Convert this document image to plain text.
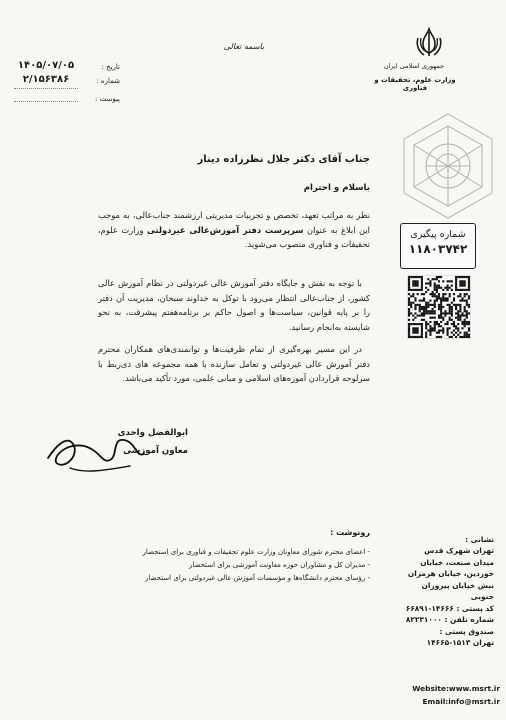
جمهوری اسلامی ایران
وزارت علوم، تحقیقات و فناوری
باسمه تعالی
تاریخ :
۱۴۰۵/۰۷/۰۵
شماره :
۲/۱۵۶۳۸۶
پیوست :
جناب آقای دکتر جلال نظرزاده دینار
باسلام و احترام
نظر به مراتب تعهد، تخصص و تجربیات مدیریتی ارزشمند جناب‌عالی، به موجب این ابلاغ به عنوان سرپرست دفتر آموزش‌عالی غیردولتی وزارت علوم، تحقیقات و فناوری منصوب می‌شوید.
با توجه به نقش و جایگاه دفتر آموزش عالی غیردولتی در نظام آموزش عالی کشور، از جناب‌عالی انتظار می‌رود با توکل به خداوند سبحان، مدیریت آن دفتر را بر پایه قوانین، سیاست‌ها و اصول حاکم بر برنامه‌هفتم پیشرفت، به نحو شایسته به‌انجام رسانید.
در این مسیر بهره‌گیری از تمام ظرفیت‌ها و توانمندی‌های همکاران محترم دفتر آموزش عالی غیردولتی و تعامل سازنده با همه مجموعه های ذی‌ربط با سرلوحه قراردادن آموزه‌های اسلامی و مبانی علمی، مورد تأکید می‌باشد.
شماره پیگیری
۱۱۸۰۳۷۴۲
ابوالفضل واحدی
معاون آموزشی
رونوشت :
- اعضای محترم شورای معاونان وزارت علوم تحقیقات و فناوری برای استحضار
- مدیران کل و مشاوران حوزه معاونت آموزشی برای استحضار
- رؤسای محترم دانشگاه‌ها و مؤسسات آموزش عالی غیردولتی برای استحضار
نشانی :
تهران شهرک قدس
میدان صنعت، خیابان
خوردین، خیابان هرمزان
نبش خیابان پیروزان جنوبی
کد پستی : ۱۴۶۶۶-۶۶۸۹۱
شماره تلفن : ۸۲۲۳۱۰۰۰
صندوق پستی :
تهران ۱۵۱۳-۱۴۶۶۵
Website:www.msrt.ir
Email:info@msrt.ir
